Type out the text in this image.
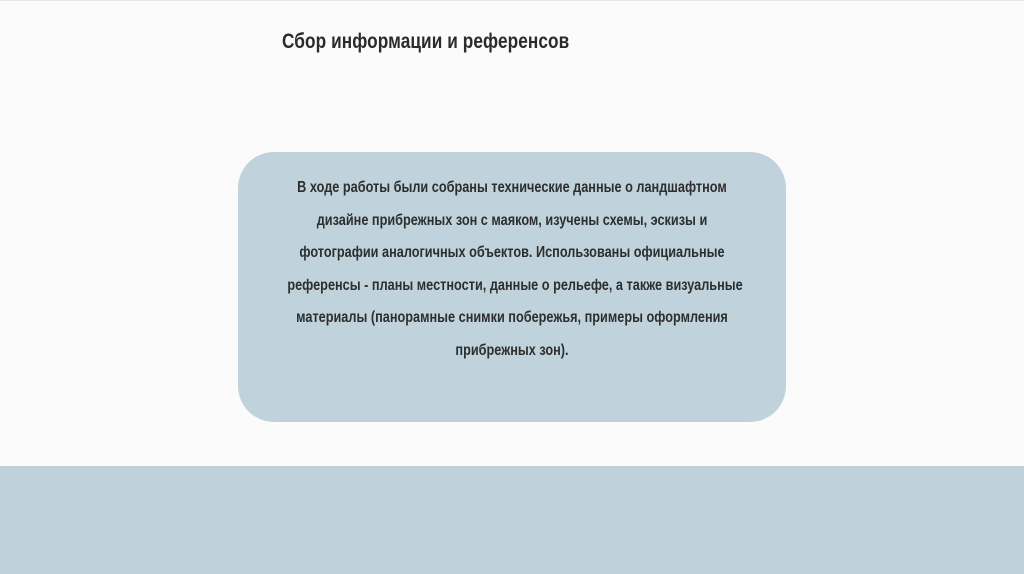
Сбор информации и референсов

В ходе работы были собраны технические данные о ландшафтном
дизайне прибрежных зон с маяком, изучены схемы, эскизы и
фотографии аналогичных объектов. Использованы официальные
референсы - планы местности, данные о рельефе, а также визуальные
материалы (панорамные снимки побережья, примеры оформления
прибрежных зон).
